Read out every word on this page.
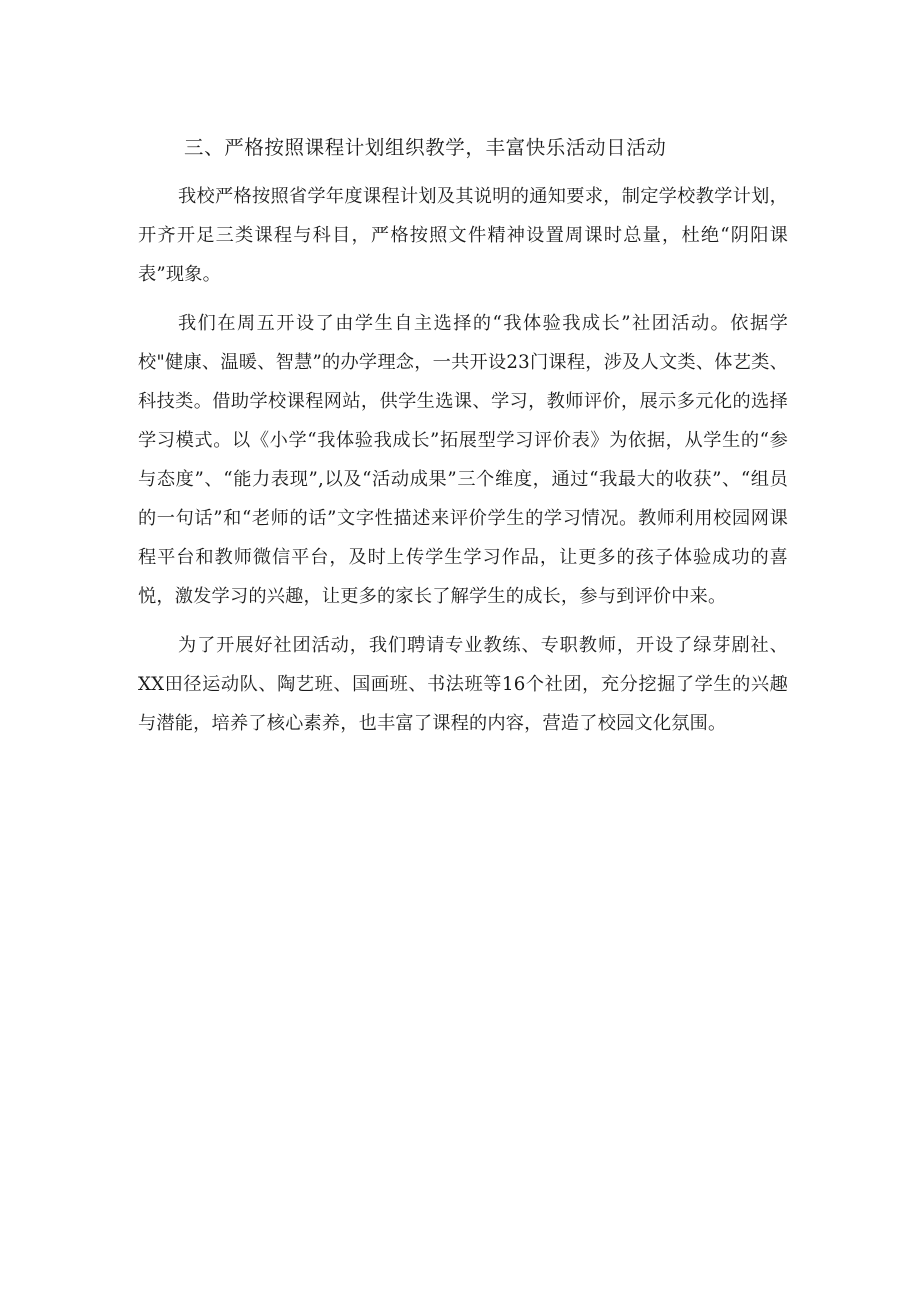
三、严格按照课程计划组织教学，丰富快乐活动日活动

我校严格按照省学年度课程计划及其说明的通知要求，制定学校教学计划，开齐开足三类课程与科目，严格按照文件精神设置周课时总量，杜绝“阴阳课表”现象。

我们在周五开设了由学生自主选择的“我体验我成长”社团活动。依据学校"健康、温暖、智慧”的办学理念，一共开设23门课程，涉及人文类、体艺类、科技类。借助学校课程网站，供学生选课、学习，教师评价，展示多元化的选择学习模式。以《小学“我体验我成长”拓展型学习评价表》为依据，从学生的“参与态度”、“能力表现”,以及“活动成果”三个维度，通过“我最大的收获”、“组员的一句话”和“老师的话”文字性描述来评价学生的学习情况。教师利用校园网课程平台和教师微信平台，及时上传学生学习作品，让更多的孩子体验成功的喜悦，激发学习的兴趣，让更多的家长了解学生的成长，参与到评价中来。

为了开展好社团活动，我们聘请专业教练、专职教师，开设了绿芽剧社、XX田径运动队、陶艺班、国画班、书法班等16个社团，充分挖掘了学生的兴趣与潜能，培养了核心素养，也丰富了课程的内容，营造了校园文化氛围。
